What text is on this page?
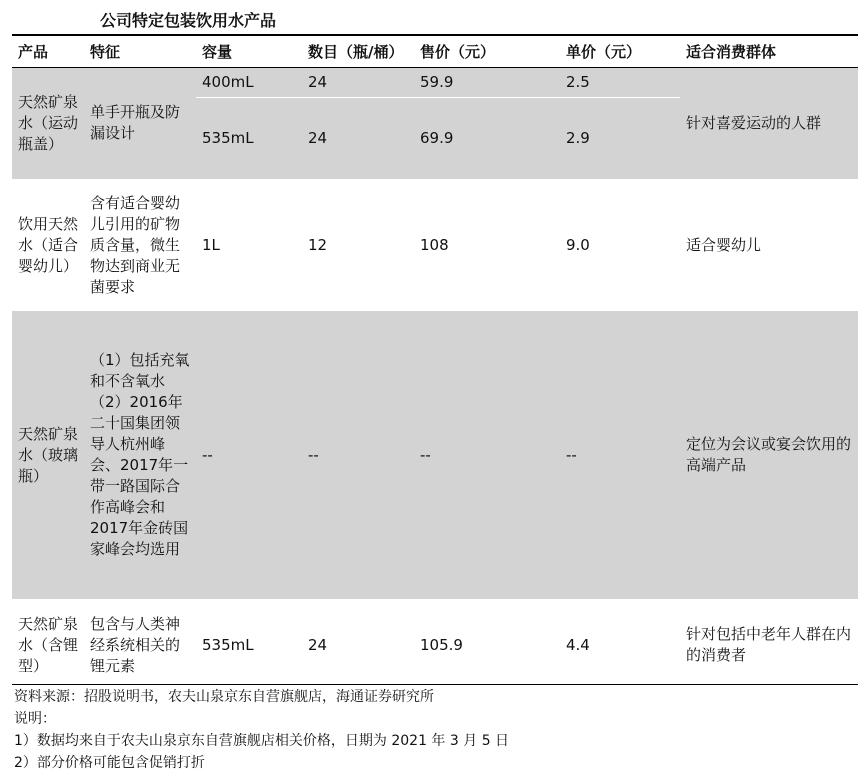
公司特定包装饮用水产品
产品	特征	容量	数目（瓶/桶）	售价（元）	单价（元）	适合消费群体
天然矿泉水（运动瓶盖）	单手开瓶及防漏设计	400mL	24	59.9	2.5	针对喜爱运动的人群
		535mL	24	69.9	2.9	
饮用天然水（适合婴幼儿）	含有适合婴幼儿引用的矿物质含量，微生物达到商业无菌要求	1L	12	108	9.0	适合婴幼儿
天然矿泉水（玻璃瓶）	（1）包括充氧和不含氧水（2）2016年二十国集团领导人杭州峰会、2017年一带一路国际合作高峰会和2017年金砖国家峰会均选用	--	--	--	--	定位为会议或宴会饮用的高端产品
天然矿泉水（含锂型）	包含与人类神经系统相关的锂元素	535mL	24	105.9	4.4	针对包括中老年人群在内的消费者
资料来源：招股说明书，农夫山泉京东自营旗舰店，海通证券研究所
说明：
1）数据均来自于农夫山泉京东自营旗舰店相关价格，日期为 2021 年 3 月 5 日
2）部分价格可能包含促销打折
